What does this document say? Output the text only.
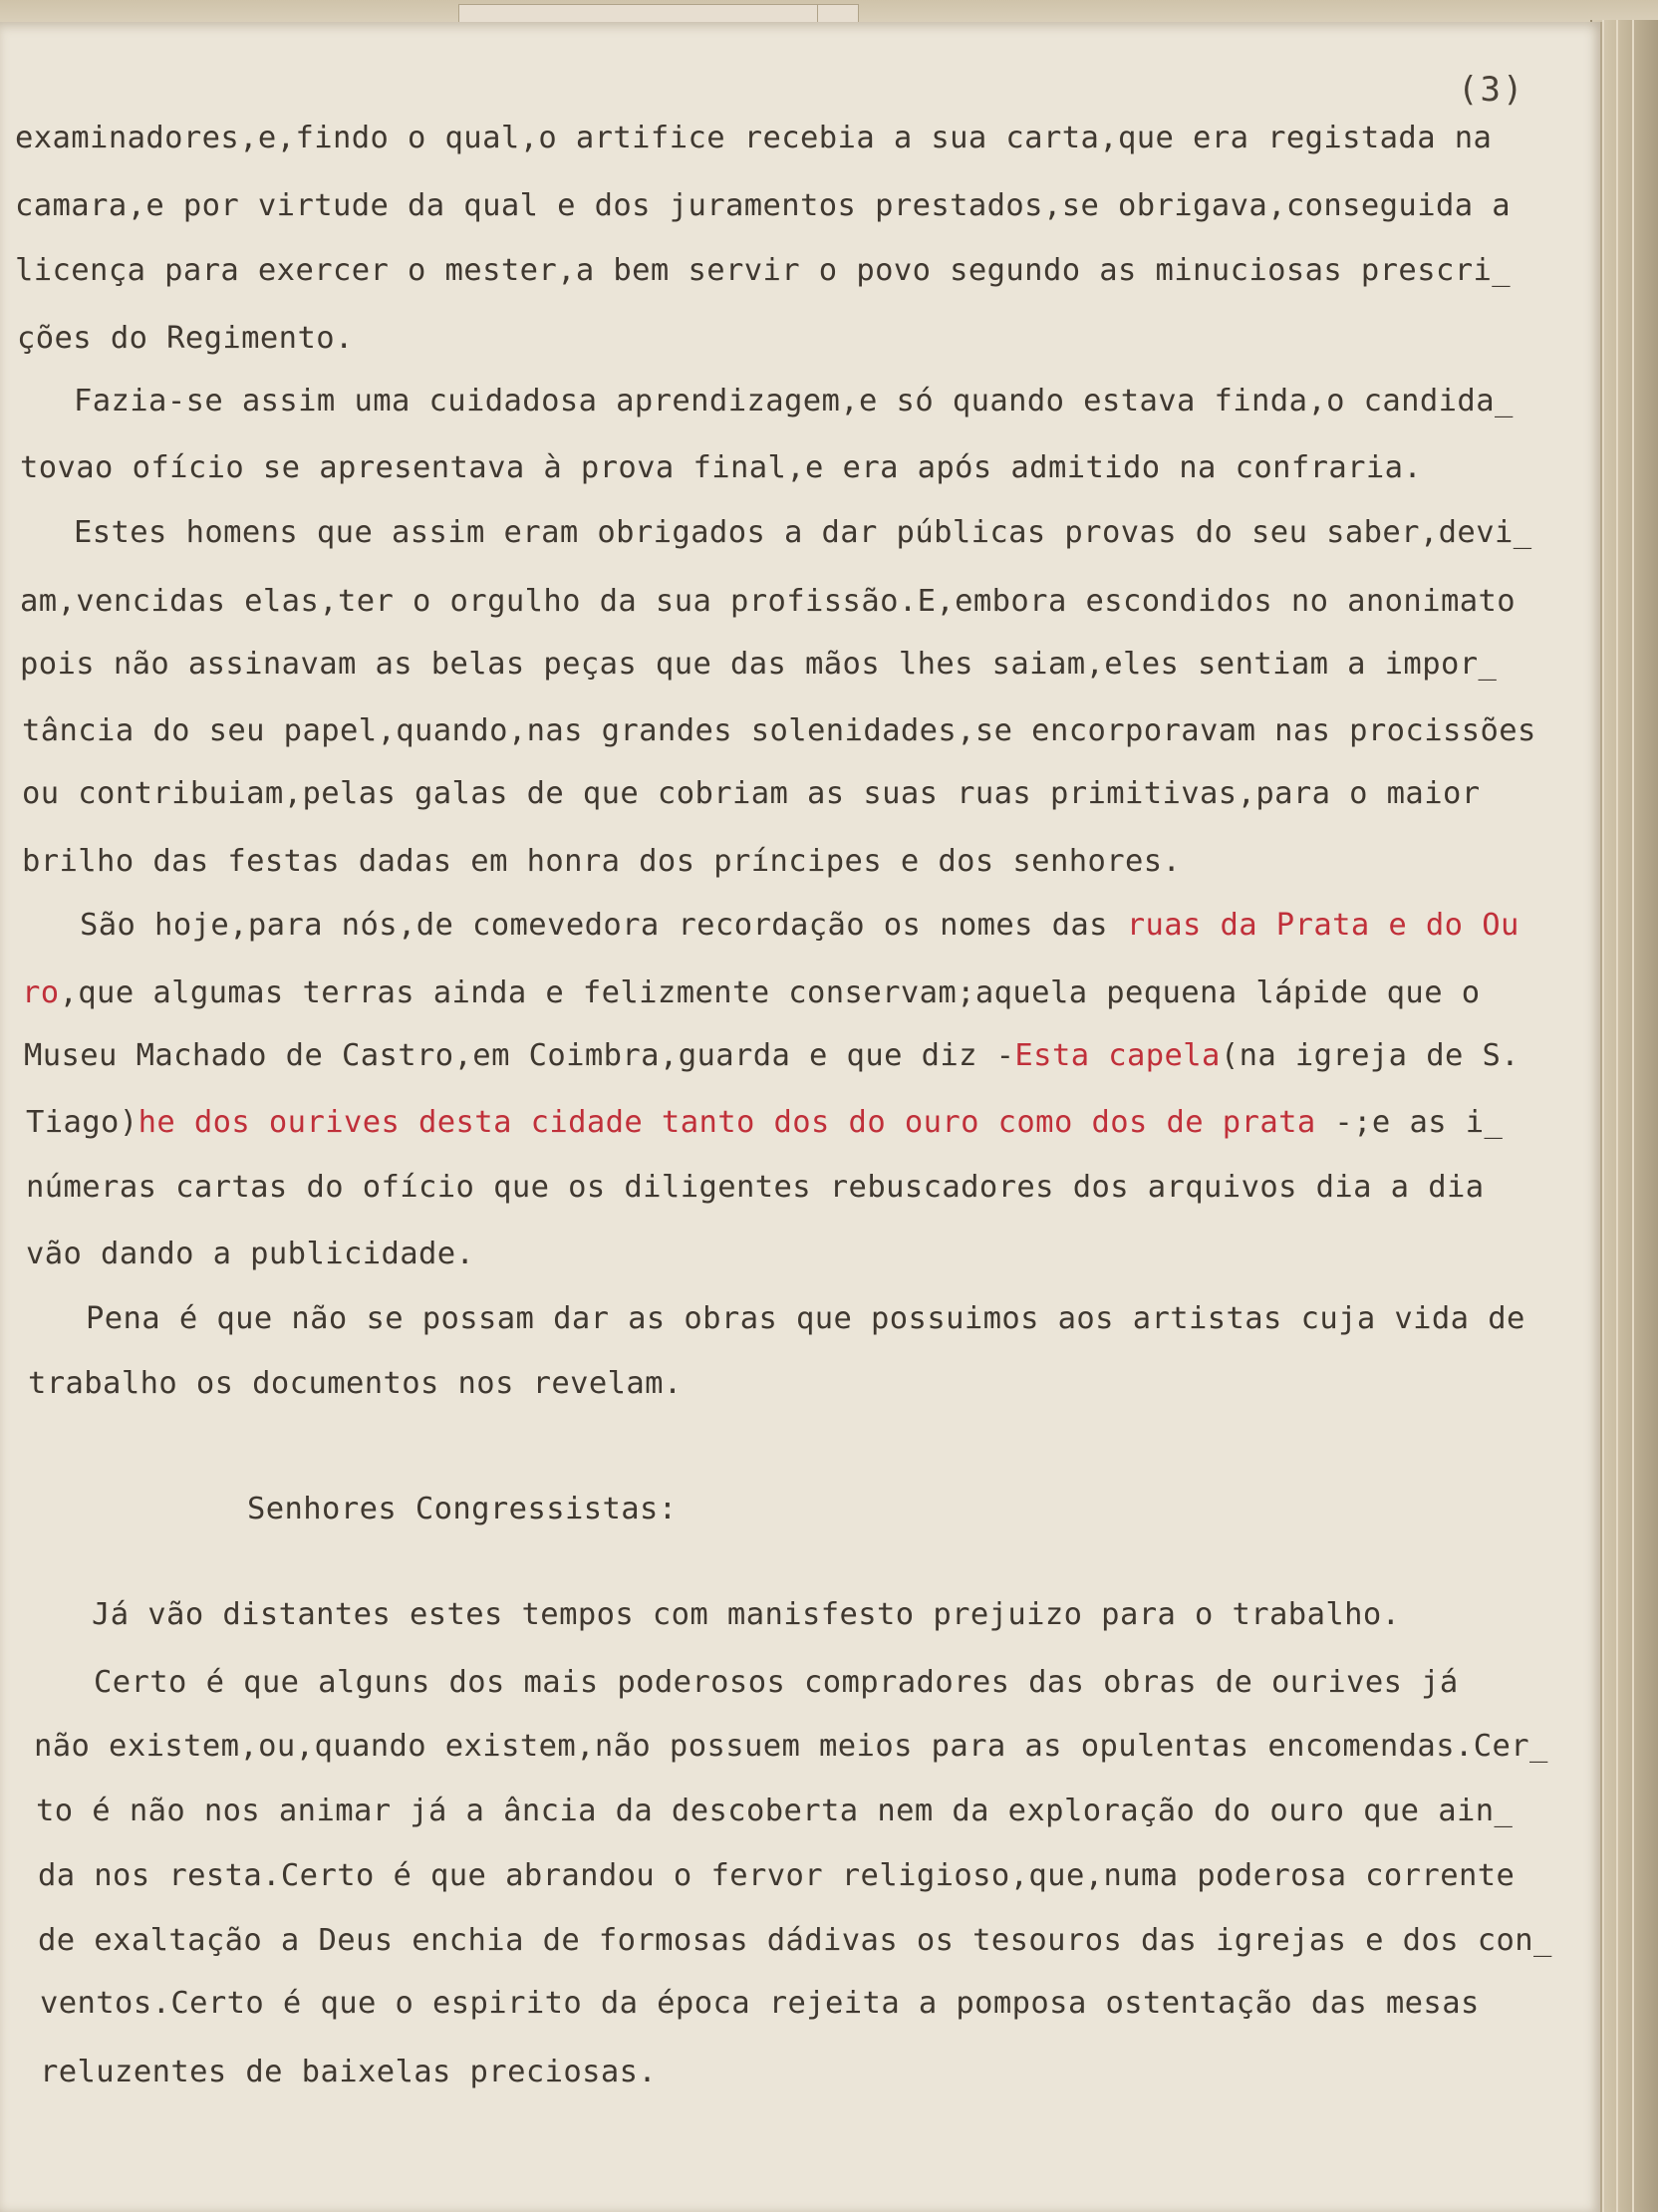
(3)
examinadores,e,findo o qual,o artifice recebia a sua carta,que era registada na
camara,e por virtude da qual e dos juramentos prestados,se obrigava,conseguida a
licença para exercer o mester,a bem servir o povo segundo as minuciosas prescri_
ções do Regimento.
Fazia-se assim uma cuidadosa aprendizagem,e só quando estava finda,o candida_
tovao ofício se apresentava à prova final,e era após admitido na confraria.
Estes homens que assim eram obrigados a dar públicas provas do seu saber,devi_
am,vencidas elas,ter o orgulho da sua profissão.E,embora escondidos no anonimato
pois não assinavam as belas peças que das mãos lhes saiam,eles sentiam a impor_
tância do seu papel,quando,nas grandes solenidades,se encorporavam nas procissões
ou contribuiam,pelas galas de que cobriam as suas ruas primitivas,para o maior
brilho das festas dadas em honra dos príncipes e dos senhores.
São hoje,para nós,de comevedora recordação os nomes das ruas da Prata e do Ou
ro,que algumas terras ainda e felizmente conservam;aquela pequena lápide que o
Museu Machado de Castro,em Coimbra,guarda e que diz -Esta capela(na igreja de S.
Tiago)he dos ourives desta cidade tanto dos do ouro como dos de prata -;e as i_
númeras cartas do ofício que os diligentes rebuscadores dos arquivos dia a dia
vão dando a publicidade.
Pena é que não se possam dar as obras que possuimos aos artistas cuja vida de
trabalho os documentos nos revelam.
Senhores Congressistas:
Já vão distantes estes tempos com manisfesto prejuizo para o trabalho.
Certo é que alguns dos mais poderosos compradores das obras de ourives já
não existem,ou,quando existem,não possuem meios para as opulentas encomendas.Cer_
to é não nos animar já a ância da descoberta nem da exploração do ouro que ain_
da nos resta.Certo é que abrandou o fervor religioso,que,numa poderosa corrente
de exaltação a Deus enchia de formosas dádivas os tesouros das igrejas e dos con_
ventos.Certo é que o espirito da época rejeita a pomposa ostentação das mesas
reluzentes de baixelas preciosas.
